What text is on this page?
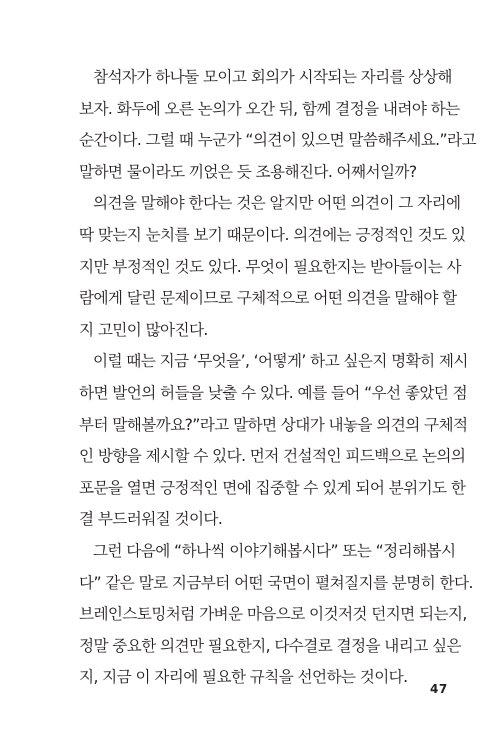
참석자가 하나둘 모이고 회의가 시작되는 자리를 상상해
보자. 화두에 오른 논의가 오간 뒤, 함께 결정을 내려야 하는
순간이다. 그럴 때 누군가 “의견이 있으면 말씀해주세요.”라고
말하면 물이라도 끼얹은 듯 조용해진다. 어째서일까?

의견을 말해야 한다는 것은 알지만 어떤 의견이 그 자리에
딱 맞는지 눈치를 보기 때문이다. 의견에는 긍정적인 것도 있
지만 부정적인 것도 있다. 무엇이 필요한지는 받아들이는 사
람에게 달린 문제이므로 구체적으로 어떤 의견을 말해야 할
지 고민이 많아진다.

이럴 때는 지금 ‘무엇을’, ‘어떻게’ 하고 싶은지 명확히 제시
하면 발언의 허들을 낮출 수 있다. 예를 들어 “우선 좋았던 점
부터 말해볼까요?”라고 말하면 상대가 내놓을 의견의 구체적
인 방향을 제시할 수 있다. 먼저 건설적인 피드백으로 논의의
포문을 열면 긍정적인 면에 집중할 수 있게 되어 분위기도 한
결 부드러워질 것이다.

그런 다음에 “하나씩 이야기해봅시다” 또는 “정리해봅시
다” 같은 말로 지금부터 어떤 국면이 펼쳐질지를 분명히 한다.
브레인스토밍처럼 가벼운 마음으로 이것저것 던지면 되는지,
정말 중요한 의견만 필요한지, 다수결로 결정을 내리고 싶은
지, 지금 이 자리에 필요한 규칙을 선언하는 것이다.

47
